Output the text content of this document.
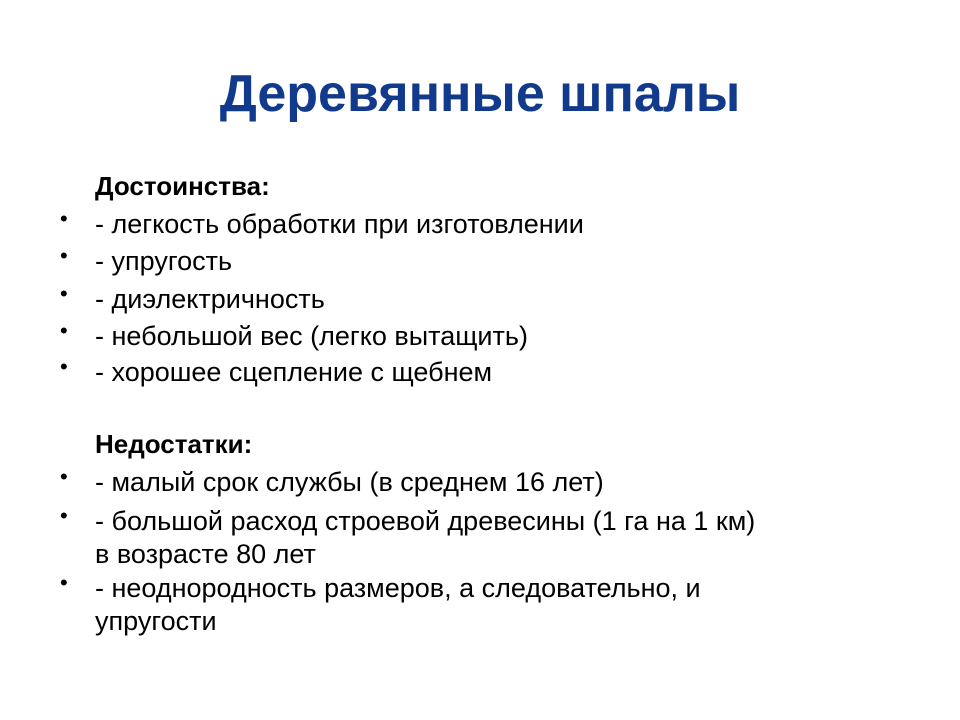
Деревянные шпалы
Достоинства:
• - легкость обработки при изготовлении
• - упругость
• - диэлектричность
• - небольшой вес (легко вытащить)
• - хорошее сцепление с щебнем
Недостатки:
• - малый срок службы (в среднем 16 лет)
• - большой расход строевой древесины (1 га на 1 км)
в возрасте 80 лет
• - неоднородность размеров, а следовательно, и
упругости
